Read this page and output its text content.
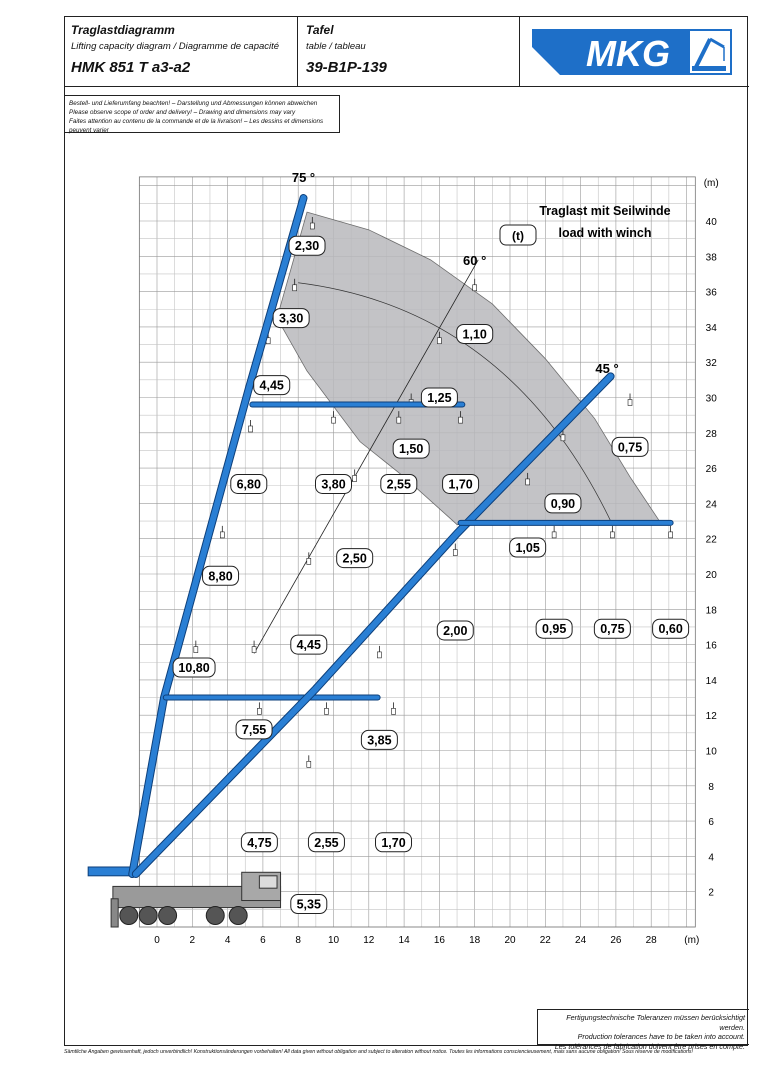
Traglastdiagramm
Lifting capacity diagram / Diagramme de capacité
HMK 851 T a3-a2
Tafel
table / tableau
39-B1P-139	MKG
Bestell- und Lieferumfang beachten! – Darstellung und Abmessungen können abweichen
Please observe scope of order and delivery! – Drawing and dimensions may vary
Faites attention au contenu de la commande et de la livraison! – Les dessins et dimensions peuvent varier
Fertigungstechnische Toleranzen müssen berücksichtigt werden.
Production tolerances have to be taken into account.
Les tolérances de fabrication doivent être prises en compte.
Sämtliche Angaben gewissenhaft, jedoch unverbindlich! Konstruktionsänderungen vorbehalten! All data given without obligation and subject to alteration without notice. Toutes les informations consciencieusement, mais sans aucune obligation! Sous réserve de modifications!
0	2	4	6	8	10 12 14 16 18 20 22 24 26 28	(m)
2
4
6
8
10
12
14
16
18
20
22
24
26
28
30
32
34
36
38
40
(m)
75 °
60 °
45 °
2,30
3,30
4,45
6,80
8,80
10,80
1,10
1,25
1,50
3,80	2,55	1,70
2,50
4,45
7,55
0,75
0,90
1,05
2,00	0,95	0,75	0,60
3,85
4,75	2,55	1,70
5,35
Traglast mit Seilwinde
load with winch
(t)
